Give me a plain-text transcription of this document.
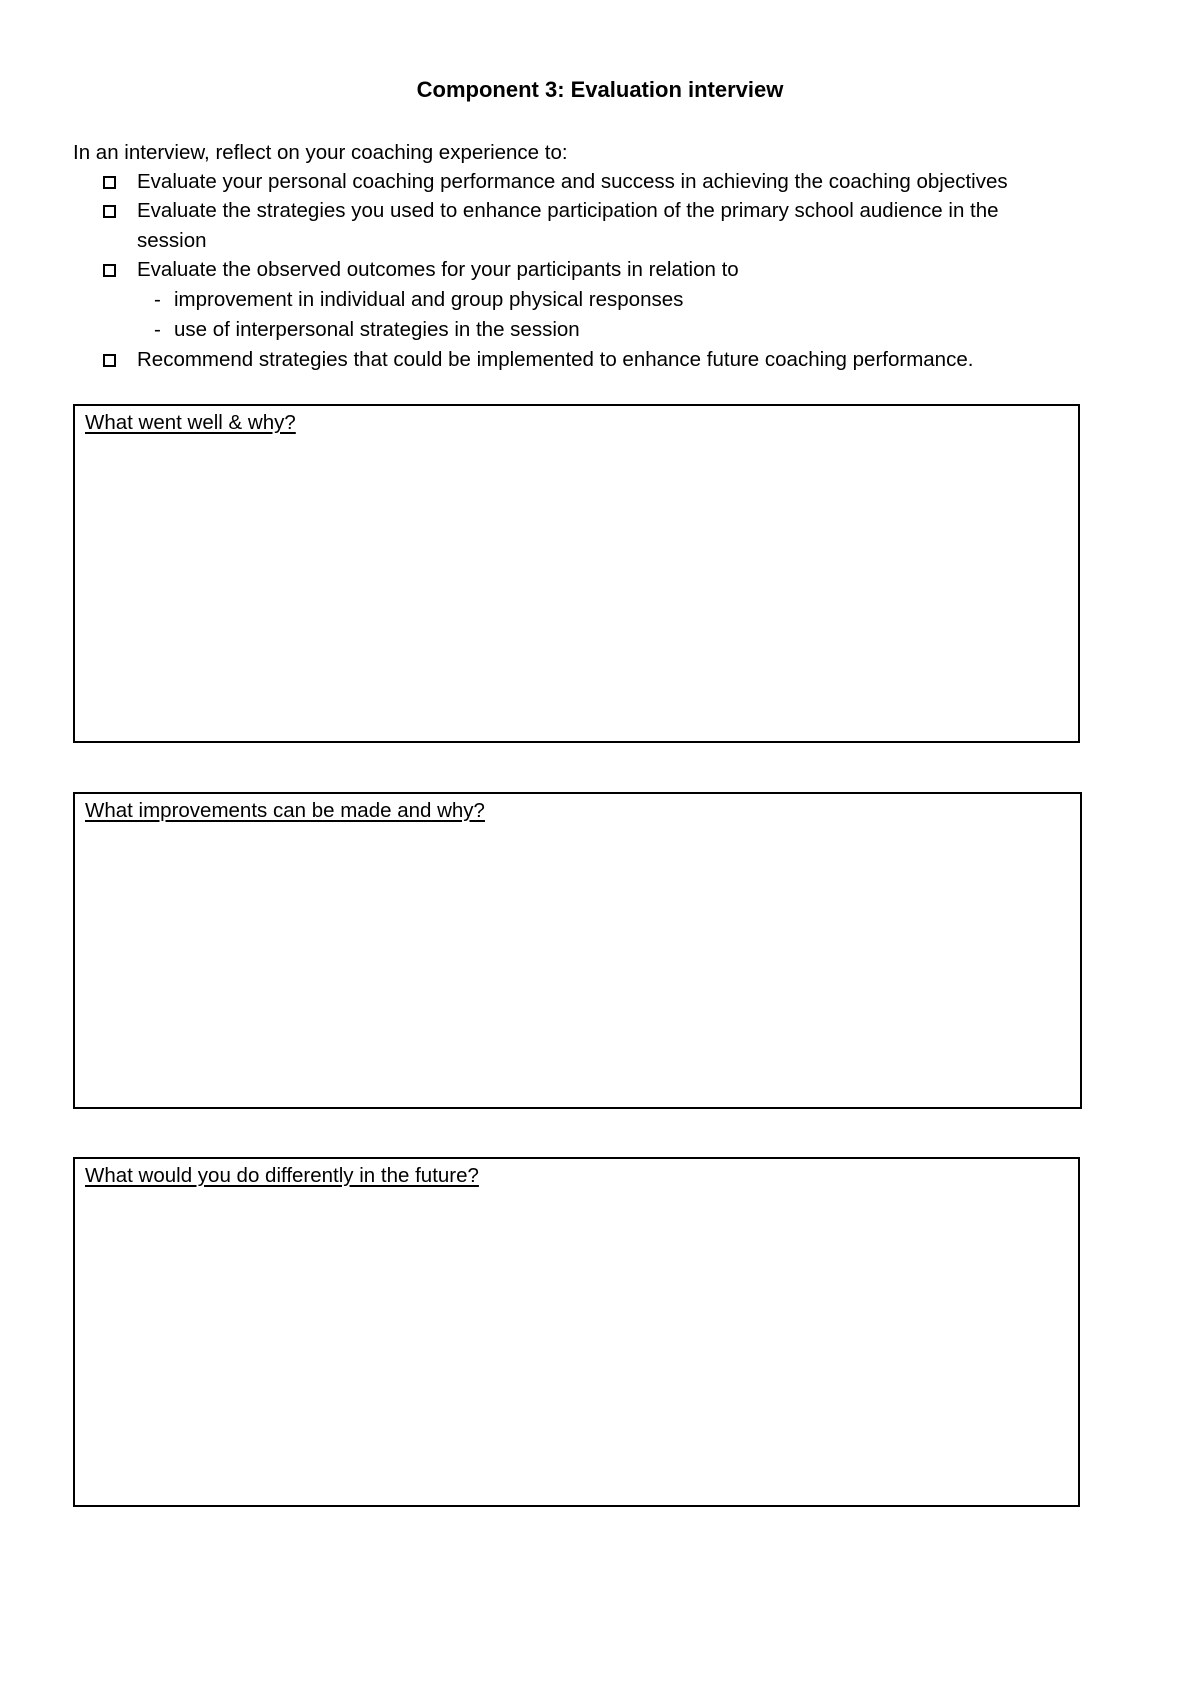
Component 3: Evaluation interview
In an interview, reflect on your coaching experience to:
Evaluate your personal coaching performance and success in achieving the coaching objectives
Evaluate the strategies you used to enhance participation of the primary school audience in the
session
Evaluate the observed outcomes for your participants in relation to
- improvement in individual and group physical responses
- use of interpersonal strategies in the session
Recommend strategies that could be implemented to enhance future coaching performance.
What went well & why?
What improvements can be made and why?
What would you do differently in the future?
